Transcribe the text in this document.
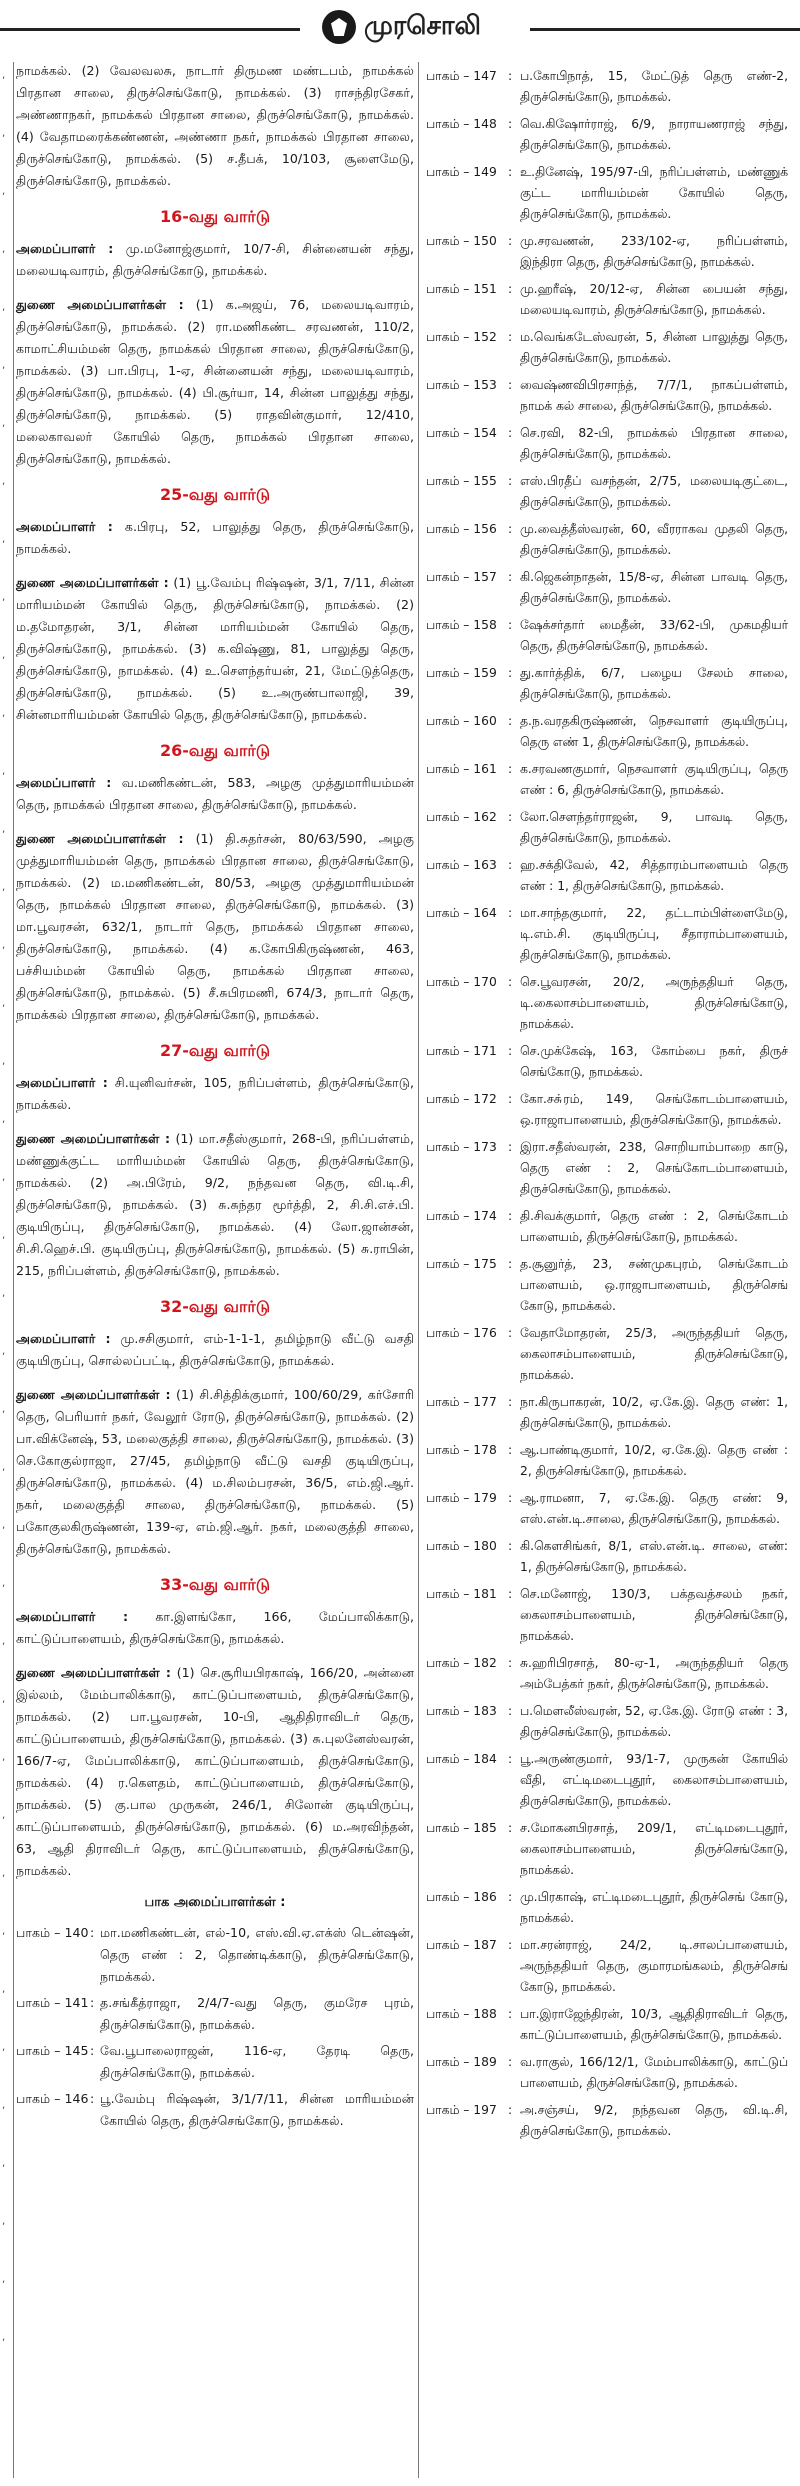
முரசொலி
,
,
,
,
,
,
,
,
,
,
,
,
,
,
,
,
,
,
,
,
,
,
,
,
,
,
,
,
,
,
,
,
,
,
,
,
,
,
,
,

நாமக்கல். (2) வேலவலசு, நாடார் திருமண மண்டபம், நாமக்கல் பிரதான சாலை, திருச்செங்கோடு, நாமக்கல். (3) ராசந்திரசேகர், அண்ணாநகர், நாமக்கல் பிரதான சாலை, திருச்செங்கோடு, நாமக்கல். (4) வேதாமரைக்கண்ணன், அண்ணா நகர், நாமக்கல் பிரதான சாலை, திருச்செங்கோடு, நாமக்கல். (5) ச.தீபக், 10/103, சூளைமேடு, திருச்செங்கோடு, நாமக்கல்.

16-வது வார்டு

அமைப்பாளர் : மு.மனோஜ்குமார், 10/7-சி, சின்னையன் சந்து, மலையடிவாரம், திருச்செங்கோடு, நாமக்கல்.

துணை அமைப்பாளர்கள் : (1) க.அஜய், 76, மலையடிவாரம், திருச்செங்கோடு, நாமக்கல். (2) ரா.மணிகண்ட சரவணன், 110/2, காமாட்சியம்மன் தெரு, நாமக்கல் பிரதான சாலை, திருச்செங்கோடு, நாமக்கல். (3) பா.பிரபு, 1-ஏ, சின்னையன் சந்து, மலையடிவாரம், திருச்செங்கோடு, நாமக்கல். (4) பி.சூர்யா, 14, சின்ன பாலுத்து சந்து, திருச்செங்கோடு, நாமக்கல். (5) ராதவின்குமார், 12/410, மலைகாவலர் கோயில் தெரு, நாமக்கல் பிரதான சாலை, திருச்செங்கோடு, நாமக்கல்.

25-வது வார்டு

அமைப்பாளர் : க.பிரபு, 52, பாலுத்து தெரு, திருச்செங்கோடு, நாமக்கல்.

துணை அமைப்பாளர்கள் : (1) பூ.வேம்பு ரிஷ்ஷன், 3/1, 7/11, சின்ன மாரியம்மன் கோயில் தெரு, திருச்செங்கோடு, நாமக்கல். (2) ம.தமோதரன், 3/1, சின்ன மாரியம்மன் கோயில் தெரு, திருச்செங்கோடு, நாமக்கல். (3) க.விஷ்ணு, 81, பாலுத்து தெரு, திருச்செங்கோடு, நாமக்கல். (4) உ.சௌந்தர்யன், 21, மேட்டுத்தெரு, திருச்செங்கோடு, நாமக்கல். (5) உ.அருண்பாலாஜி, 39, சின்னமாரியம்மன் கோயில் தெரு, திருச்செங்கோடு, நாமக்கல்.

26-வது வார்டு

அமைப்பாளர் : வ.மணிகண்டன், 583, அழகு முத்துமாரியம்மன் தெரு, நாமக்கல் பிரதான சாலை, திருச்செங்கோடு, நாமக்கல்.

துணை அமைப்பாளர்கள் : (1) தி.சுதர்சன், 80/63/590, அழகு முத்துமாரியம்மன் தெரு, நாமக்கல் பிரதான சாலை, திருச்செங்கோடு, நாமக்கல். (2) ம.மணிகண்டன், 80/53, அழகு முத்துமாரியம்மன் தெரு, நாமக்கல் பிரதான சாலை, திருச்செங்கோடு, நாமக்கல். (3) மா.பூவரசன், 632/1, நாடார் தெரு, நாமக்கல் பிரதான சாலை, திருச்செங்கோடு, நாமக்கல். (4) க.கோபிகிருஷ்ணன், 463, பச்சியம்மன் கோயில் தெரு, நாமக்கல் பிரதான சாலை, திருச்செங்கோடு, நாமக்கல். (5) சீ.சுபிரமணி, 674/3, நாடார் தெரு, நாமக்கல் பிரதான சாலை, திருச்செங்கோடு, நாமக்கல்.

27-வது வார்டு

அமைப்பாளர் : சி.யுனிவர்சன், 105, நரிப்பள்ளம், திருச்செங்கோடு, நாமக்கல்.

துணை அமைப்பாளர்கள் : (1) மா.சதீஸ்குமார், 268-பி, நரிப்பள்ளம், மண்ணுக்குட்ட மாரியம்மன் கோயில் தெரு, திருச்செங்கோடு, நாமக்கல். (2) அ.பிரேம், 9/2, நந்தவன தெரு, வி.டி.சி, திருச்செங்கோடு, நாமக்கல். (3) சு.சுந்தர மூர்த்தி, 2, சி.சி.எச்.பி. குடியிருப்பு, திருச்செங்கோடு, நாமக்கல். (4) லோ.ஜான்சன், சி.சி.ஹெச்.பி. குடியிருப்பு, திருச்செங்கோடு, நாமக்கல். (5) சு.ராபின், 215, நரிப்பள்ளம், திருச்செங்கோடு, நாமக்கல்.

32-வது வார்டு

அமைப்பாளர் : மு.சசிகுமார், எம்-1-1-1, தமிழ்நாடு வீட்டு வசதி குடியிருப்பு, சொல்லப்பட்டி, திருச்செங்கோடு, நாமக்கல்.

துணை அமைப்பாளர்கள் : (1) சி.சித்திக்குமார், 100/60/29, கர்சோரி தெரு, பெரியார் நகர், வேலூர் ரோடு, திருச்செங்கோடு, நாமக்கல். (2) பா.விக்னேஷ், 53, மலைகுத்தி சாலை, திருச்செங்கோடு, நாமக்கல். (3) செ.கோகுல்ராஜா, 27/45, தமிழ்நாடு வீட்டு வசதி குடியிருப்பு, திருச்செங்கோடு, நாமக்கல். (4) ம.சிலம்பரசன், 36/5, எம்.ஜி.ஆர். நகர், மலைகுத்தி சாலை, திருச்செங்கோடு, நாமக்கல். (5) பகோகுலகிருஷ்ணன், 139-ஏ, எம்.ஜி.ஆர். நகர், மலைகுத்தி சாலை, திருச்செங்கோடு, நாமக்கல்.

33-வது வார்டு

அமைப்பாளர் : கா.இளங்கோ, 166, மேப்பாலிக்காடு, காட்டுப்பாளையம், திருச்செங்கோடு, நாமக்கல்.

துணை அமைப்பாளர்கள் : (1) செ.சூரியபிரகாஷ், 166/20, அன்னை இல்லம், மேம்பாலிக்காடு, காட்டுப்பாளையம், திருச்செங்கோடு, நாமக்கல். (2) பா.பூவரசன், 10-பி, ஆதிதிராவிடர் தெரு, காட்டுப்பாளையம், திருச்செங்கோடு, நாமக்கல். (3) சு.புலனேஸ்வரன், 166/7-ஏ, மேப்பாலிக்காடு, காட்டுப்பாளையம், திருச்செங்கோடு, நாமக்கல். (4) ர.கௌதம், காட்டுப்பாளையம், திருச்செங்கோடு, நாமக்கல். (5) கு.பால முருகன், 246/1, சிலோன் குடியிருப்பு, காட்டுப்பாளையம், திருச்செங்கோடு, நாமக்கல். (6) ம.அரவிந்தன், 63, ஆதி திராவிடர் தெரு, காட்டுப்பாளையம், திருச்செங்கோடு, நாமக்கல்.

பாக அமைப்பாளர்கள் :
பாகம் – 140 : மா.மணிகண்டன், எல்-10, எஸ்.வி.ஏ.எக்ஸ் டென்ஷன், தெரு எண் : 2, தொண்டிக்காடு, திருச்செங்கோடு, நாமக்கல்.
பாகம் – 141 : த.சங்கீத்ராஜா, 2/4/7-வது தெரு, குமரேச புரம், திருச்செங்கோடு, நாமக்கல்.
பாகம் – 145 : வே.பூபாலைராஜன், 116-ஏ, தேரடி தெரு, திருச்செங்கோடு, நாமக்கல்.
பாகம் – 146 : பூ.வேம்பு ரிஷ்ஷன், 3/1/7/11, சின்ன மாரியம்மன் கோயில் தெரு, திருச்செங்கோடு, நாமக்கல்.
பாகம் – 147 : ப.கோபிநாத், 15, மேட்டுத் தெரு எண்-2, திருச்செங்கோடு, நாமக்கல்.
பாகம் – 148 : வெ.கிஷோர்ராஜ், 6/9, நாராயணராஜ் சந்து, திருச்செங்கோடு, நாமக்கல்.
பாகம் – 149 : உ.தினேஷ், 195/97-பி, நரிப்பள்ளம், மண்ணுக் குட்ட மாரியம்மன் கோயில் தெரு, திருச்செங்கோடு, நாமக்கல்.
பாகம் – 150 : மு.சரவணன், 233/102-ஏ, நரிப்பள்ளம், இந்திரா தெரு, திருச்செங்கோடு, நாமக்கல்.
பாகம் – 151 : மு.ஹரீஷ், 20/12-ஏ, சின்ன பையன் சந்து, மலையடிவாரம், திருச்செங்கோடு, நாமக்கல்.
பாகம் – 152 : ம.வெங்கடேஸ்வரன், 5, சின்ன பாலுத்து தெரு, திருச்செங்கோடு, நாமக்கல்.
பாகம் – 153 : வைஷ்ணவிபிரசாந்த், 7/7/1, நாகப்பள்ளம், நாமக் கல் சாலை, திருச்செங்கோடு, நாமக்கல்.
பாகம் – 154 : செ.ரவி, 82-பி, நாமக்கல் பிரதான சாலை, திருச்செங்கோடு, நாமக்கல்.
பாகம் – 155 : எஸ்.பிரதீப் வசந்தன், 2/75, மலையடிகுட்டை, திருச்செங்கோடு, நாமக்கல்.
பாகம் – 156 : மு.வைத்தீஸ்வரன், 60, வீரராகவ முதலி தெரு, திருச்செங்கோடு, நாமக்கல்.
பாகம் – 157 : கி.ஜெகன்நாதன், 15/8-ஏ, சின்ன பாவடி தெரு, திருச்செங்கோடு, நாமக்கல்.
பாகம் – 158 : ஷேக்சர்தார் மைதீன், 33/62-பி, முகமதியர் தெரு, திருச்செங்கோடு, நாமக்கல்.
பாகம் – 159 : து.கார்த்திக், 6/7, பழைய சேலம் சாலை, திருச்செங்கோடு, நாமக்கல்.
பாகம் – 160 : த.ந.வரதகிருஷ்ணன், நெசவாளர் குடியிருப்பு, தெரு எண் 1, திருச்செங்கோடு, நாமக்கல்.
பாகம் – 161 : க.சரவணகுமார், நெசவாளர் குடியிருப்பு, தெரு எண் : 6, திருச்செங்கோடு, நாமக்கல்.
பாகம் – 162 : லோ.சௌந்தர்ராஜன், 9, பாவடி தெரு, திருச்செங்கோடு, நாமக்கல்.
பாகம் – 163 : ஹ.சக்திவேல், 42, சித்தாரம்பாளையம் தெரு எண் : 1, திருச்செங்கோடு, நாமக்கல்.
பாகம் – 164 : மா.சாந்தகுமார், 22, தட்டாம்பிள்ளைமேடு, டி.எம்.சி. குடியிருப்பு, சீதாராம்பாளையம், திருச்செங்கோடு, நாமக்கல்.
பாகம் – 170 : செ.பூவரசன், 20/2, அருந்ததியர் தெரு, டி.கைலாசம்பாளையம், திருச்செங்கோடு, நாமக்கல்.
பாகம் – 171 : செ.முக்கேஷ், 163, கோம்பை நகர், திருச் செங்கோடு, நாமக்கல்.
பாகம் – 172 : கோ.சசு்ரம், 149, செங்கோடம்பாளையம், ஒ.ராஜாபாளையம், திருச்செங்கோடு, நாமக்கல்.
பாகம் – 173 : இரா.சதீஸ்வரன், 238, சொறியாம்பாறை காடு, தெரு எண் : 2, செங்கோடம்பாளையம், திருச்செங்கோடு, நாமக்கல்.
பாகம் – 174 : தி.சிவக்குமார், தெரு எண் : 2, செங்கோடம் பாளையம், திருச்செங்கோடு, நாமக்கல்.
பாகம் – 175 : த.சூனுர்த், 23, சண்முகபுரம், செங்கோடம் பாளையம், ஒ.ராஜாபாளையம், திருச்செங் கோடு, நாமக்கல்.
பாகம் – 176 : வேதாமோதரன், 25/3, அருந்ததியர் தெரு, கைலாசம்பாளையம், திருச்செங்கோடு, நாமக்கல்.
பாகம் – 177 : நா.கிருபாகரன், 10/2, ஏ.கே.இ. தெரு எண்: 1, திருச்செங்கோடு, நாமக்கல்.
பாகம் – 178 : ஆ.பாண்டிகுமார், 10/2, ஏ.கே.இ. தெரு எண் : 2, திருச்செங்கோடு, நாமக்கல்.
பாகம் – 179 : ஆ.ராமனா, 7, ஏ.கே.இ. தெரு எண்: 9, எஸ்.என்.டி.சாலை, திருச்செங்கோடு, நாமக்கல்.
பாகம் – 180 : கி.கௌசிங்கர், 8/1, எஸ்.என்.டி. சாலை, எண்: 1, திருச்செங்கோடு, நாமக்கல்.
பாகம் – 181 : செ.மனோஜ், 130/3, பக்தவத்சலம் நகர், கைலாசம்பாளையம், திருச்செங்கோடு, நாமக்கல்.
பாகம் – 182 : சு.ஹரிபிரசாத், 80-ஏ-1, அருந்ததியர் தெரு அம்பேத்கர் நகர், திருச்செங்கோடு, நாமக்கல்.
பாகம் – 183 : ப.மௌலீஸ்வரன், 52, ஏ.கே.இ. ரோடு எண் : 3, திருச்செங்கோடு, நாமக்கல்.
பாகம் – 184 : பூ.அருண்குமார், 93/1-7, முருகன் கோயில் வீதி, எட்டிமடைபுதூர், கைலாசம்பாளையம், திருச்செங்கோடு, நாமக்கல்.
பாகம் – 185 : ச.மோகனபிரசாத், 209/1, எட்டிமடைபுதூர், கைலாசம்பாளையம், திருச்செங்கோடு, நாமக்கல்.
பாகம் – 186 : மு.பிரகாஷ், எட்டிமடைபுதூர், திருச்செங் கோடு, நாமக்கல்.
பாகம் – 187 : மா.சரன்ராஜ், 24/2, டி.சாலப்பாளையம், அருந்ததியர் தெரு, குமாரமங்கலம், திருச்செங் கோடு, நாமக்கல்.
பாகம் – 188 : பா.இராஜேந்திரன், 10/3, ஆதிதிராவிடர் தெரு, காட்டுப்பாளையம், திருச்செங்கோடு, நாமக்கல்.
பாகம் – 189 : வ.ராகுல், 166/12/1, மேம்பாலிக்காடு, காட்டுப் பாளையம், திருச்செங்கோடு, நாமக்கல்.
பாகம் – 197 : அ.சஞ்சய், 9/2, நந்தவன தெரு, வி.டி.சி, திருச்செங்கோடு, நாமக்கல்.
